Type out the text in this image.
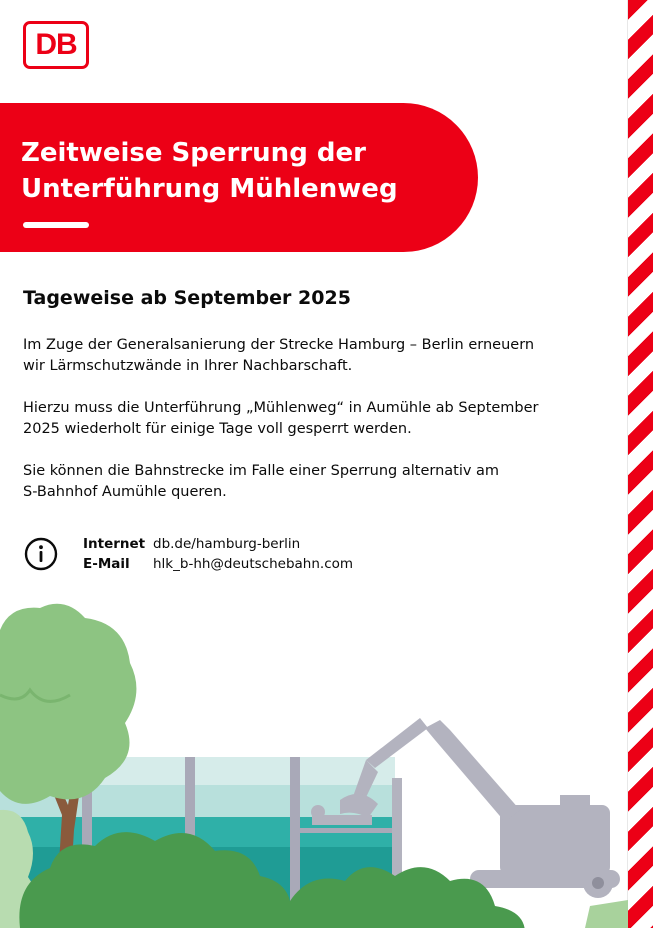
DB
Zeitweise Sperrung der
Unterführung Mühlenweg
Tageweise ab September 2025

Im Zuge der Generalsanierung der Strecke Hamburg – Berlin erneuern
wir Lärmschutzwände in Ihrer Nachbarschaft.

Hierzu muss die Unterführung „Mühlenweg“ in Aumühle ab September
2025 wiederholt für einige Tage voll gesperrt werden.

Sie können die Bahnstrecke im Falle einer Sperrung alternativ am
S-Bahnhof Aumühle queren.

Internet db.de/hamburg-berlin
E-Mail hlk_b-hh@deutschebahn.com
